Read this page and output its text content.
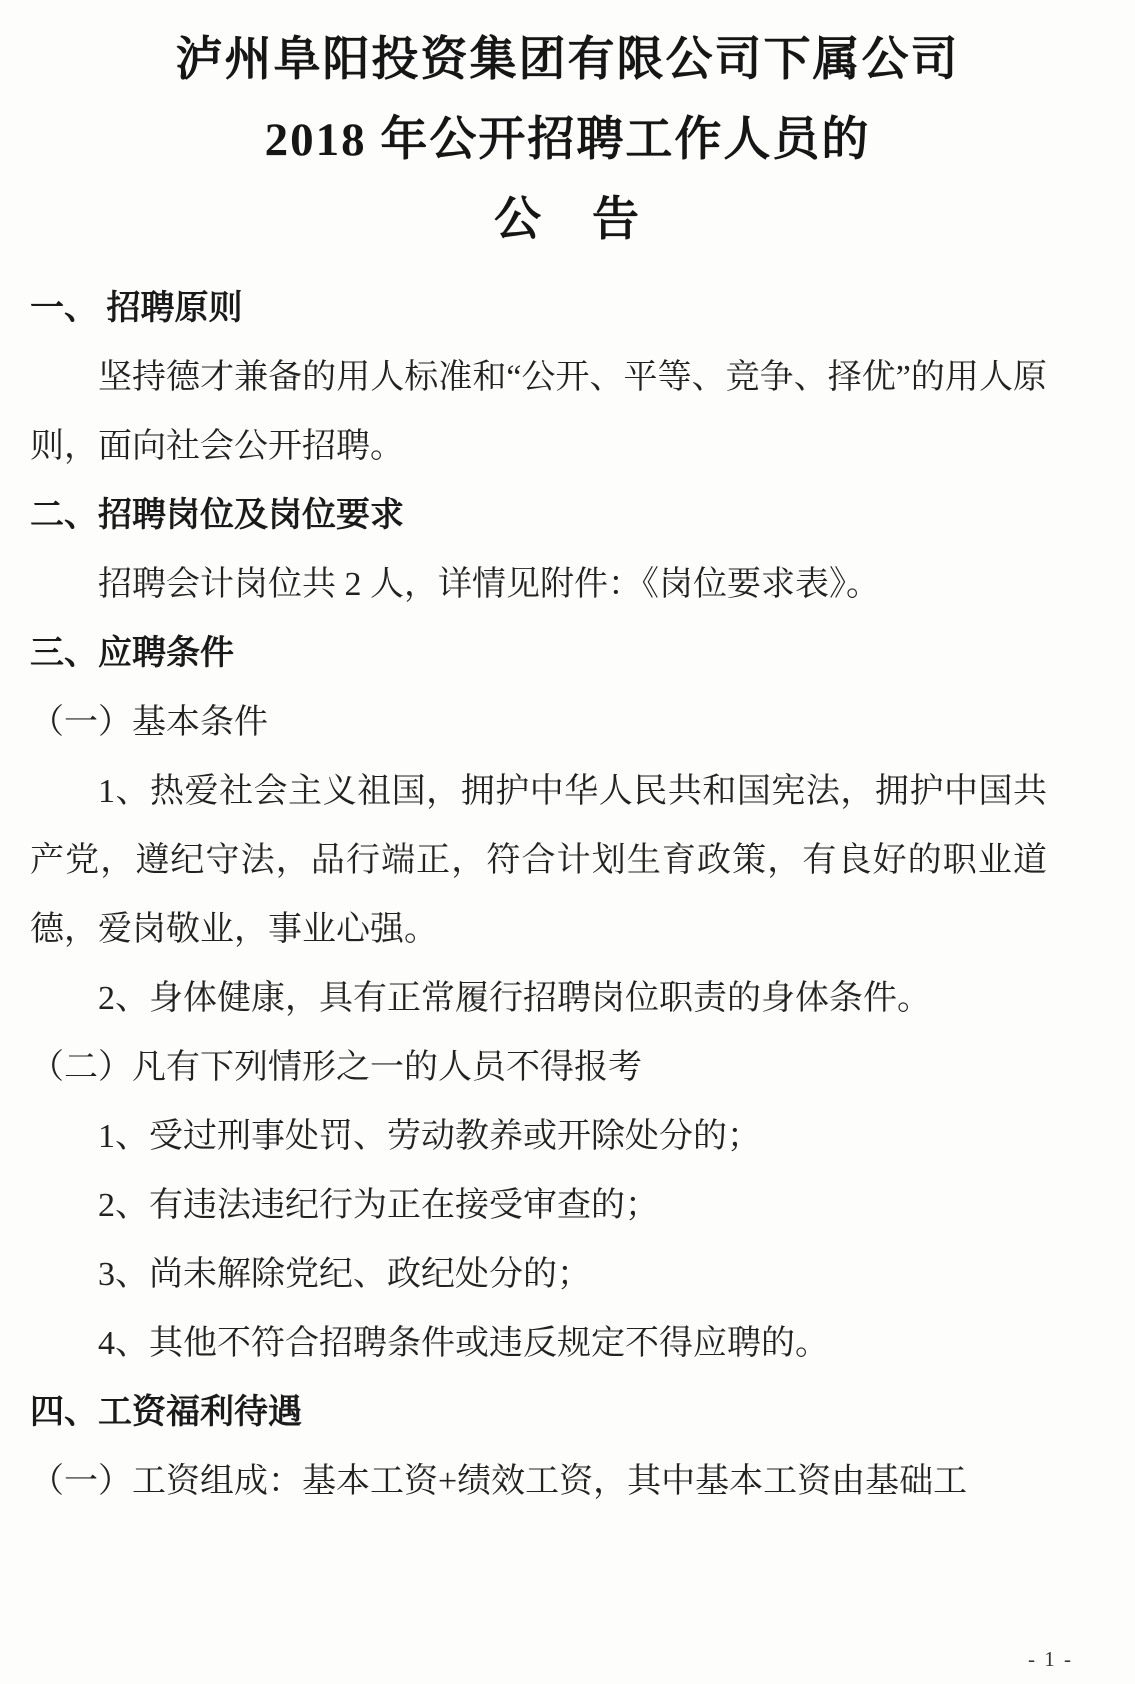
泸州阜阳投资集团有限公司下属公司
2018 年公开招聘工作人员的
公　告
一、 招聘原则
坚持德才兼备的用人标准和“公开、平等、竞争、择优”的用人原则，面向社会公开招聘。
二、招聘岗位及岗位要求
招聘会计岗位共 2 人，详情见附件：《岗位要求表》。
三、应聘条件
（一）基本条件
1、热爱社会主义祖国，拥护中华人民共和国宪法，拥护中国共产党，遵纪守法，品行端正，符合计划生育政策，有良好的职业道德，爱岗敬业，事业心强。
2、身体健康，具有正常履行招聘岗位职责的身体条件。
（二）凡有下列情形之一的人员不得报考
1、受过刑事处罚、劳动教养或开除处分的；
2、有违法违纪行为正在接受审查的；
3、尚未解除党纪、政纪处分的；
4、其他不符合招聘条件或违反规定不得应聘的。
四、工资福利待遇
（一）工资组成：基本工资+绩效工资，其中基本工资由基础工
- 1 -
